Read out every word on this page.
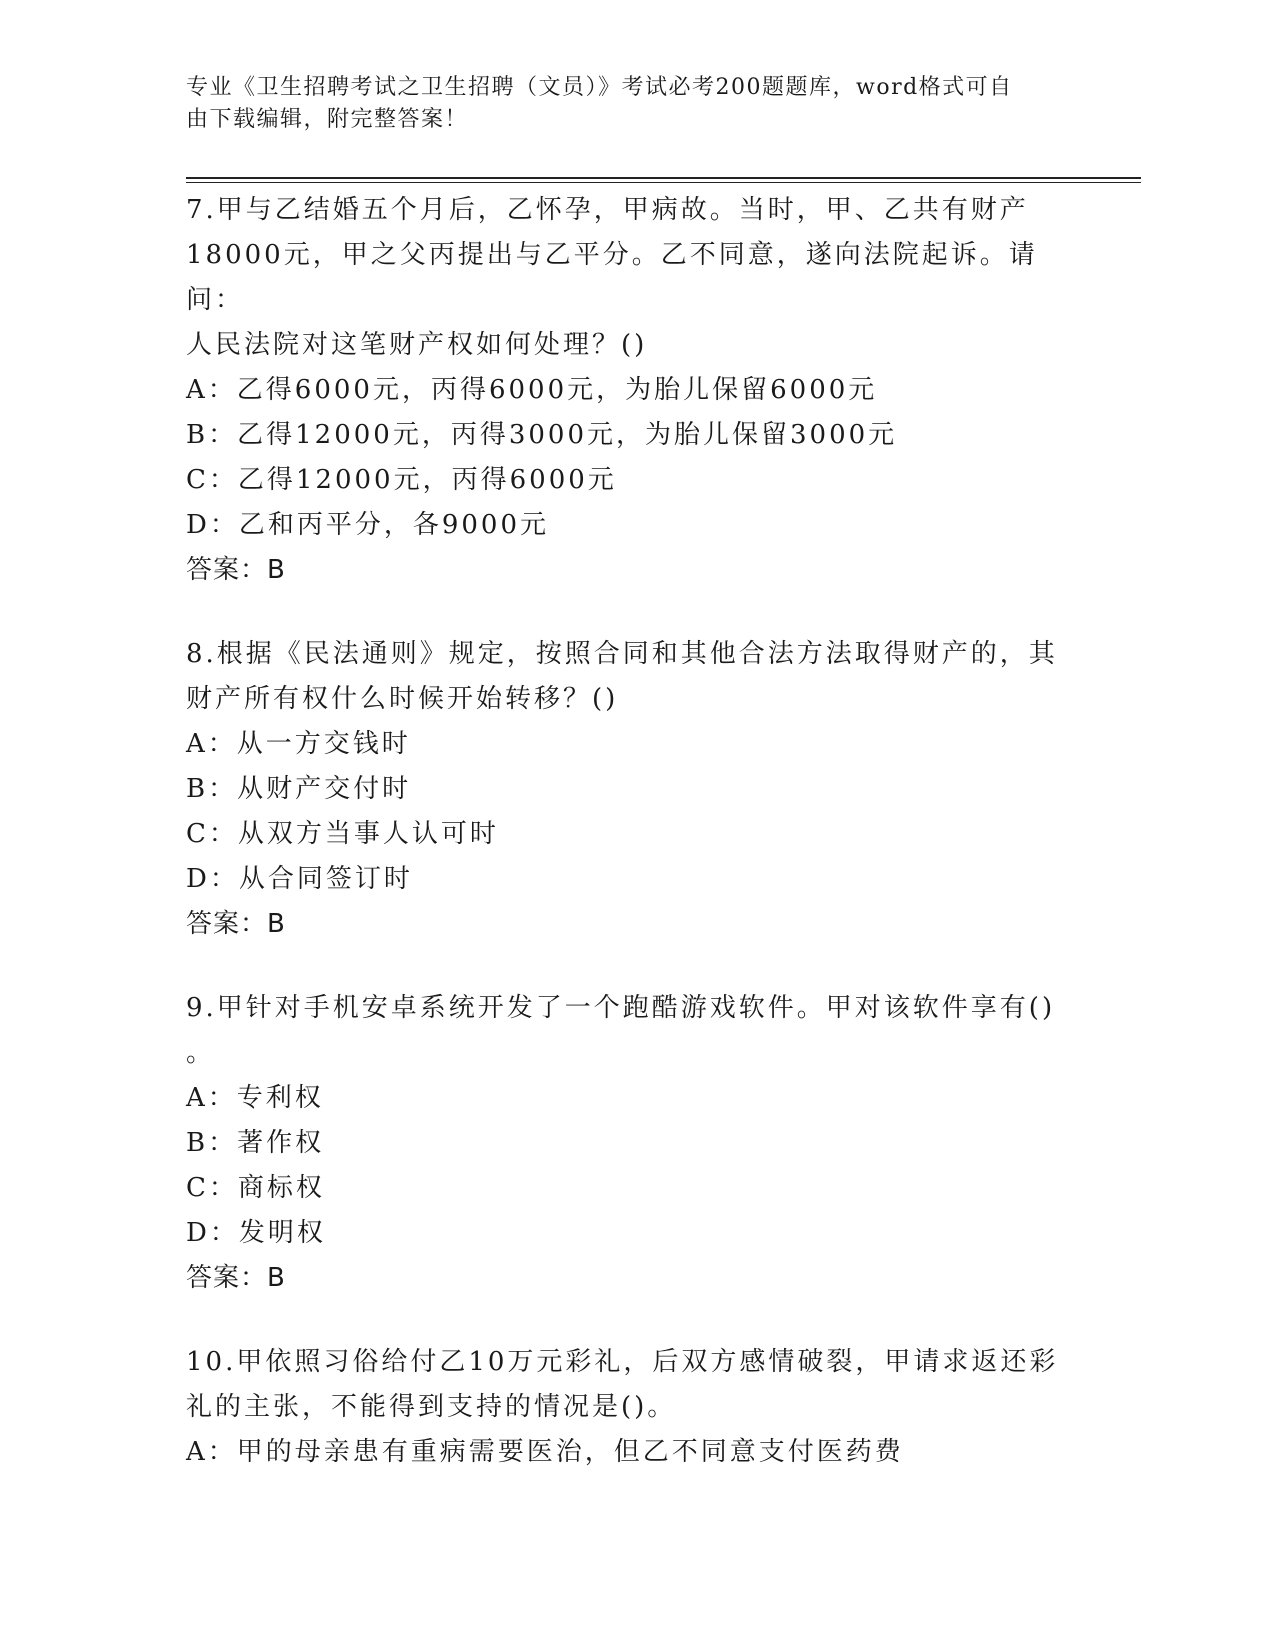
专业《卫生招聘考试之卫生招聘（文员）》考试必考200题题库，word格式可自
由下载编辑，附完整答案！

7.甲与乙结婚五个月后，乙怀孕，甲病故。当时，甲、乙共有财产

18000元，甲之父丙提出与乙平分。乙不同意，遂向法院起诉。请问：

人民法院对这笔财产权如何处理？()

A：乙得6000元，丙得6000元，为胎儿保留6000元

B：乙得12000元，丙得3000元，为胎儿保留3000元

C：乙得12000元，丙得6000元

D：乙和丙平分，各9000元

答案：B

8.根据《民法通则》规定，按照合同和其他合法方法取得财产的，其

财产所有权什么时候开始转移？()

A：从一方交钱时

B：从财产交付时

C：从双方当事人认可时

D：从合同签订时

答案：B

9.甲针对手机安卓系统开发了一个跑酷游戏软件。甲对该软件享有()

。

A：专利权

B：著作权

C：商标权

D：发明权

答案：B

10.甲依照习俗给付乙10万元彩礼，后双方感情破裂，甲请求返还彩

礼的主张，不能得到支持的情况是()。

A：甲的母亲患有重病需要医治，但乙不同意支付医药费
